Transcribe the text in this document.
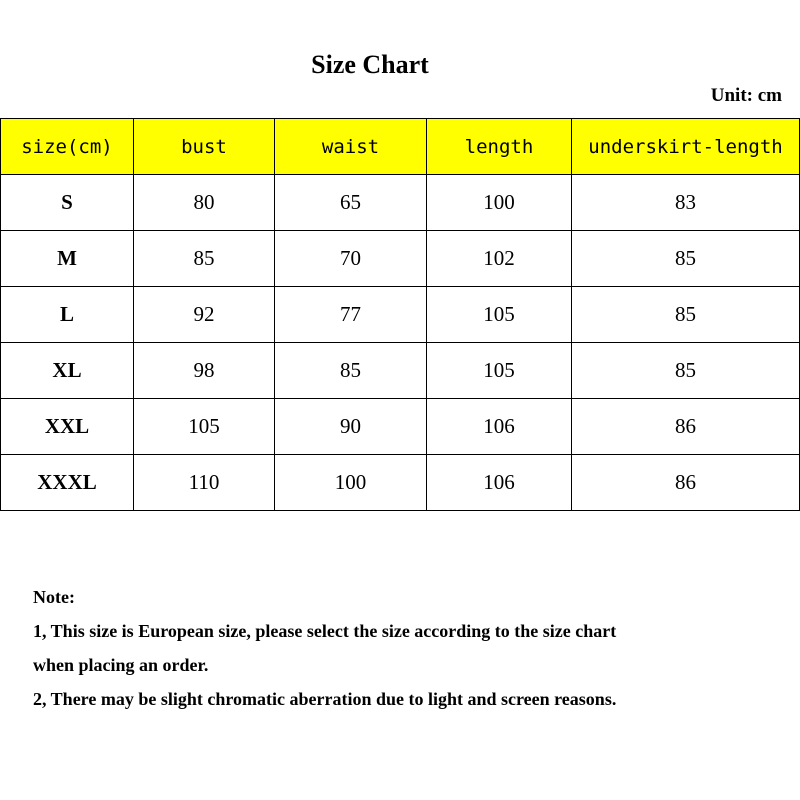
Size Chart
Unit: cm
size(cm)	bust	waist	length	underskirt-length
S	80	65	100	83
M	85	70	102	85
L	92	77	105	85
XL	98	85	105	85
XXL	105	90	106	86
XXXL	110	100	106	86
Note:
1, This size is European size, please select the size according to the size chart
when placing an order.
2, There may be slight chromatic aberration due to light and screen reasons.
